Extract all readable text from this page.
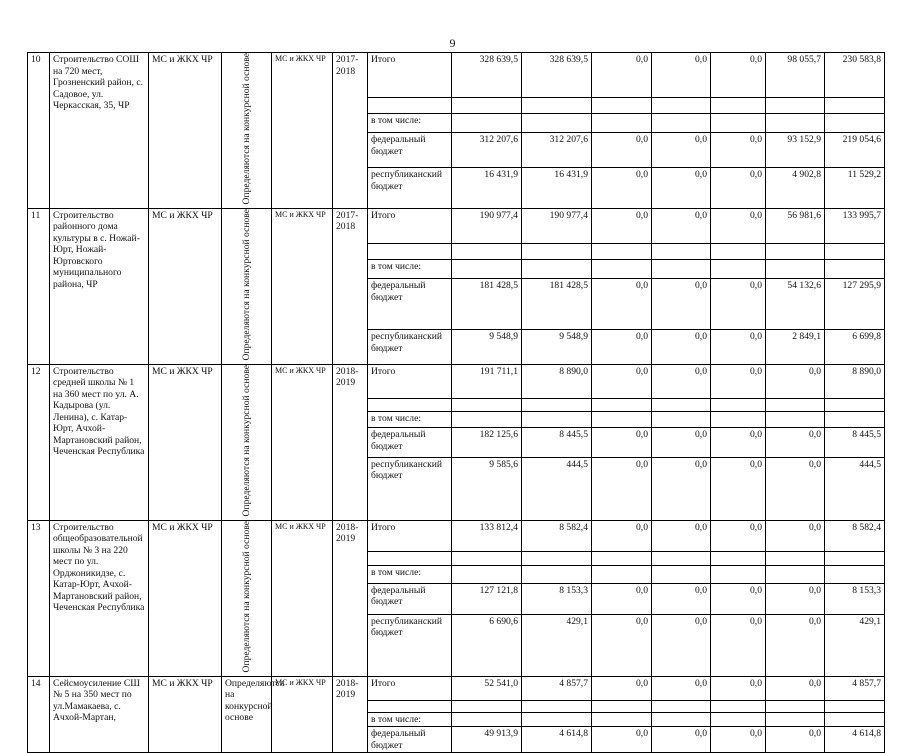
9
10	Строительство СОШ на 720 мест, Грозненский район, с. Садовое, ул. Черкасская, 35, ЧР	МС и ЖКХ ЧР	Определяются на конкурсной основе	МС и ЖКХ ЧР	2017-2018	Итого	328 639,5	328 639,5	0,0	0,0	0,0	98 055,7	230 583,8

						в том числе:							
						федеральный бюджет	312 207,6	312 207,6	0,0	0,0	0,0	93 152,9	219 054,6
						республиканский бюджет	16 431,9	16 431,9	0,0	0,0	0,0	4 902,8	11 529,2
11	Строительство районного дома культуры в с. Ножай-Юрт, Ножай-Юртовского муниципального района, ЧР	МС и ЖКХ ЧР	Определяются на конкурсной основе	МС и ЖКХ ЧР	2017-2018	Итого	190 977,4	190 977,4	0,0	0,0	0,0	56 981,6	133 995,7

						в том числе:							
						федеральный бюджет	181 428,5	181 428,5	0,0	0,0	0,0	54 132,6	127 295,9
						республиканский бюджет	9 548,9	9 548,9	0,0	0,0	0,0	2 849,1	6 699,8
12	Строительство средней школы № 1 на 360 мест по ул. А. Кадырова (ул. Ленина), с. Катар-Юрт, Ачхой-Мартановский район, Чеченская Республика	МС и ЖКХ ЧР	Определяются на конкурсной основе	МС и ЖКХ ЧР	2018-2019	Итого	191 711,1	8 890,0	0,0	0,0	0,0	0,0	8 890,0

						в том числе:							
						федеральный бюджет	182 125,6	8 445,5	0,0	0,0	0,0	0,0	8 445,5
						республиканский бюджет	9 585,6	444,5	0,0	0,0	0,0	0,0	444,5
13	Строительство общеобразовательной школы № 3 на 220 мест по ул. Орджоникидзе, с. Катар-Юрт, Ачхой-Мартановский район, Чеченская Республика	МС и ЖКХ ЧР	Определяются на конкурсной основе	МС и ЖКХ ЧР	2018-2019	Итого	133 812,4	8 582,4	0,0	0,0	0,0	0,0	8 582,4

						в том числе:							
						федеральный бюджет	127 121,8	8 153,3	0,0	0,0	0,0	0,0	8 153,3
						республиканский бюджет	6 690,6	429,1	0,0	0,0	0,0	0,0	429,1
14	Сейсмоусиление СШ № 5 на 350 мест по ул.Мамакаева, с. Ачхой-Мартан,	МС и ЖКХ ЧР	Определяются на конкурсной основе	МС и ЖКХ ЧР	2018-2019	Итого	52 541,0	4 857,7	0,0	0,0	0,0	0,0	4 857,7

						в том числе:							
						федеральный бюджет	49 913,9	4 614,8	0,0	0,0	0,0	0,0	4 614,8
